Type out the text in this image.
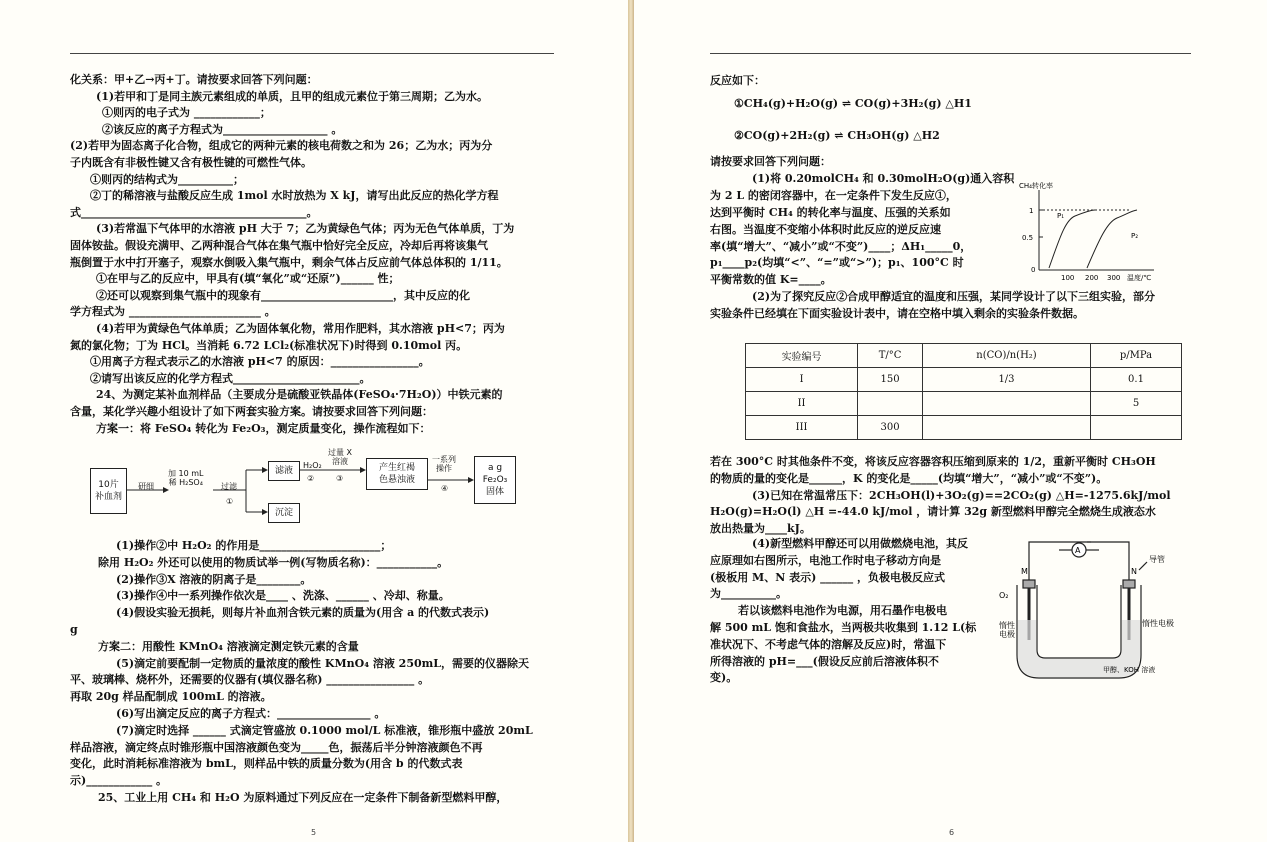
化关系：甲+乙→丙+丁。请按要求回答下列问题：
(1)若甲和丁是同主族元素组成的单质，且甲的组成元素位于第三周期；乙为水。
①则丙的电子式为 ____________；
②该反应的离子方程式为___________________ 。
(2)若甲为固态离子化合物，组成它的两种元素的核电荷数之和为 26；乙为水；丙为分
子内既含有非极性键又含有极性键的可燃性气体。
①则丙的结构式为__________；
②丁的稀溶液与盐酸反应生成 1mol 水时放热为 X kJ，请写出此反应的热化学方程
式_________________________________________。
(3)若常温下气体甲的水溶液 pH 大于 7；乙为黄绿色气体；丙为无色气体单质，丁为
固体铵盐。假设充满甲、乙两种混合气体在集气瓶中恰好完全反应，冷却后再将该集气
瓶倒置于水中打开塞子，观察水倒吸入集气瓶中，剩余气体占反应前气体总体积的 1/11。
①在甲与乙的反应中，甲具有(填“氧化”或“还原”)______ 性；
②还可以观察到集气瓶中的现象有________________________，其中反应的化
学方程式为 ________________________ 。
(4)若甲为黄绿色气体单质；乙为固体氧化物，常用作肥料，其水溶液 pH<7；丙为
氮的氯化物；丁为 HCl。当消耗 6.72 LCl₂(标准状况下)时得到 0.10mol 丙。
①用离子方程式表示乙的水溶液 pH<7 的原因：________________。
②请写出该反应的化学方程式_______________________。
24、为测定某补血剂样品（主要成分是硫酸亚铁晶体(FeSO₄·7H₂O)）中铁元素的
含量，某化学兴趣小组设计了如下两套实验方案。请按要求回答下列问题：
方案一：将 FeSO₄ 转化为 Fe₂O₃，测定质量变化，操作流程如下：
10片
补血剂
研细
加 10 mL
稀 H₂SO₄ 过滤
①
滤液
沉淀
H₂O₂
②
过量 X
溶液
③
产生红褐
色悬浊液
一系列
操作
④
a g
Fe₂O₃
固体
(1)操作②中 H₂O₂ 的作用是______________________；
除用 H₂O₂ 外还可以使用的物质试举一例(写物质名称)：___________。
(2)操作③X 溶液的阴离子是________。
(3)操作④中一系列操作依次是____ 、洗涤、______ 、冷却、称量。
(4)假设实验无损耗，则每片补血剂含铁元素的质量为(用含 a 的代数式表示)
g
方案二：用酸性 KMnO₄ 溶液滴定测定铁元素的含量
(5)滴定前要配制一定物质的量浓度的酸性 KMnO₄ 溶液 250mL，需要的仪器除天
平、玻璃棒、烧杯外，还需要的仪器有(填仪器名称) ________________ 。
再取 20g 样品配制成 100mL 的溶液。
(6)写出滴定反应的离子方程式：_________________ 。
(7)滴定时选择 ______ 式滴定管盛放 0.1000 mol/L 标准液，锥形瓶中盛放 20mL
样品溶液，滴定终点时锥形瓶中国溶液颜色变为_____色，振荡后半分钟溶液颜色不再
变化，此时消耗标准溶液为 bmL，则样品中铁的质量分数为(用含 b 的代数式表
示)____________ 。
25、工业上用 CH₄ 和 H₂O 为原料通过下列反应在一定条件下制备新型燃料甲醇，
5
反应如下：
①CH₄(g)+H₂O(g) ⇌ CO(g)+3H₂(g) △H1
②CO(g)+2H₂(g) ⇌ CH₃OH(g) △H2
请按要求回答下列问题：
(1)将 0.20molCH₄ 和 0.30molH₂O(g)通入容积
为 2 L 的密闭容器中，在一定条件下发生反应①，
达到平衡时 CH₄ 的转化率与温度、压强的关系如
右图。当温度不变缩小体积时此反应的逆反应速
率(填“增大”、“减小”或“不变”)____；ΔH₁_____0，
p₁____p₂(均填“<”、“=”或“>”)；p₁、100°C 时
平衡常数的值 K=____。
(2)为了探究反应②合成甲醇适宜的温度和压强，某同学设计了以下三组实验，部分
实验条件已经填在下面实验设计表中，请在空格中填入剩余的实验条件数据。
CH₄转化率
1
0.5
0
100 200 300 温度/℃
P₁
P₂
实验编号	T/°C	n(CO)/n(H₂)	p/MPa
I	150	1/3	0.1
II			5
III	300		
若在 300°C 时其他条件不变，将该反应容器容积压缩到原来的 1/2，重新平衡时 CH₃OH
的物质的量的变化是______，K 的变化是_____(均填“增大”，“减小”或“不变”)。
(3)已知在常温常压下：2CH₃OH(l)+3O₂(g)==2CO₂(g) △H=-1275.6kJ/mol
H₂O(g)=H₂O(l) △H =-44.0 kJ/mol ，请计算 32g 新型燃料甲醇完全燃烧生成液态水
放出热量为____kJ。
(4)新型燃料甲醇还可以用做燃烧电池，其反
应原理如右图所示，电池工作时电子移动方向是
(极板用 M、N 表示) ______ ，负极电极反应式
为__________。
若以该燃料电池作为电源，用石墨作电极电
解 500 mL 饱和食盐水，当两极共收集到 1.12 L(标
准状况下、不考虑气体的溶解及反应)时，常温下
所得溶液的 pH=___(假设反应前后溶液体积不
变)。
A
导管
M	N
O₂
惰性电极
惰性电极
甲醇、KOH 溶液
6
